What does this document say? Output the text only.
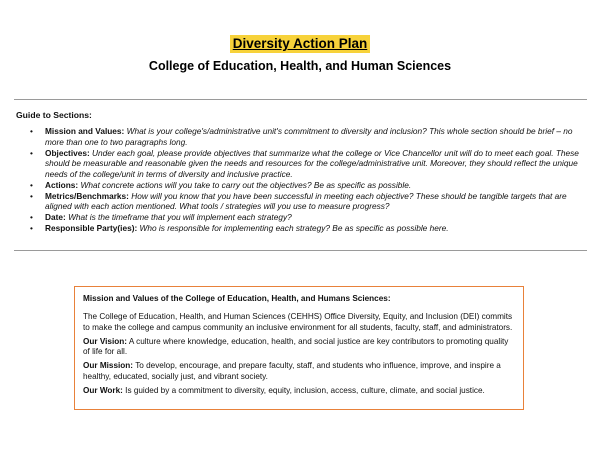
Diversity Action Plan
College of Education, Health, and Human Sciences
Guide to Sections:
• Mission and Values: What is your college's/administrative unit's commitment to diversity and inclusion? This whole section should be brief – no more than one to two paragraphs long.
• Objectives: Under each goal, please provide objectives that summarize what the college or Vice Chancellor unit will do to meet each goal. These should be measurable and reasonable given the needs and resources for the college/administrative unit. Moreover, they should reflect the unique needs of the college/unit in terms of diversity and inclusive practice.
• Actions: What concrete actions will you take to carry out the objectives? Be as specific as possible.
• Metrics/Benchmarks: How will you know that you have been successful in meeting each objective? These should be tangible targets that are aligned with each action mentioned. What tools / strategies will you use to measure progress?
• Date: What is the timeframe that you will implement each strategy?
• Responsible Party(ies): Who is responsible for implementing each strategy? Be as specific as possible here.
Mission and Values of the College of Education, Health, and Humans Sciences:

The College of Education, Health, and Human Sciences (CEHHS) Office Diversity, Equity, and Inclusion (DEI) commits to make the college and campus community an inclusive environment for all students, faculty, staff, and administrators.

Our Vision: A culture where knowledge, education, health, and social justice are key contributors to promoting quality of life for all.

Our Mission: To develop, encourage, and prepare faculty, staff, and students who influence, improve, and inspire a healthy, educated, socially just, and vibrant society.

Our Work: Is guided by a commitment to diversity, equity, inclusion, access, culture, climate, and social justice.
